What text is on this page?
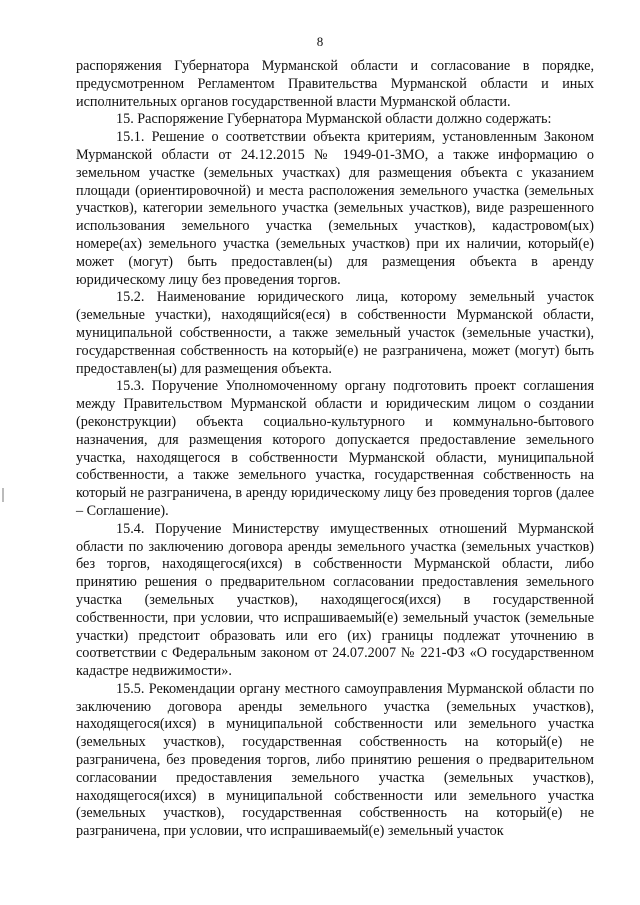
8

распоряжения Губернатора Мурманской области и согласование в порядке, предусмотренном Регламентом Правительства Мурманской области и иных исполнительных органов государственной власти Мурманской области.

15. Распоряжение Губернатора Мурманской области должно содержать:

15.1. Решение о соответствии объекта критериям, установленным Законом Мурманской области от 24.12.2015 № 1949-01-ЗМО, а также информацию о земельном участке (земельных участках) для размещения объекта с указанием площади (ориентировочной) и места расположения земельного участка (земельных участков), категории земельного участка (земельных участков), виде разрешенного использования земельного участка (земельных участков), кадастровом(ых) номере(ах) земельного участка (земельных участков) при их наличии, который(е) может (могут) быть предоставлен(ы) для размещения объекта в аренду юридическому лицу без проведения торгов.

15.2. Наименование юридического лица, которому земельный участок (земельные участки), находящийся(еся) в собственности Мурманской области, муниципальной собственности, а также земельный участок (земельные участки), государственная собственность на который(е) не разграничена, может (могут) быть предоставлен(ы) для размещения объекта.

15.3. Поручение Уполномоченному органу подготовить проект соглашения между Правительством Мурманской области и юридическим лицом о создании (реконструкции) объекта социально-культурного и коммунально-бытового назначения, для размещения которого допускается предоставление земельного участка, находящегося в собственности Мурманской области, муниципальной собственности, а также земельного участка, государственная собственность на который не разграничена, в аренду юридическому лицу без проведения торгов (далее – Соглашение).

15.4. Поручение Министерству имущественных отношений Мурманской области по заключению договора аренды земельного участка (земельных участков) без торгов, находящегося(ихся) в собственности Мурманской области, либо принятию решения о предварительном согласовании предоставления земельного участка (земельных участков), находящегося(ихся) в государственной собственности, при условии, что испрашиваемый(е) земельный участок (земельные участки) предстоит образовать или его (их) границы подлежат уточнению в соответствии с Федеральным законом от 24.07.2007 № 221-ФЗ «О государственном кадастре недвижимости».

15.5. Рекомендации органу местного самоуправления Мурманской области по заключению договора аренды земельного участка (земельных участков), находящегося(ихся) в муниципальной собственности или земельного участка (земельных участков), государственная собственность на который(е) не разграничена, без проведения торгов, либо принятию решения о предварительном согласовании предоставления земельного участка (земельных участков), находящегося(ихся) в муниципальной собственности или земельного участка (земельных участков), государственная собственность на который(е) не разграничена, при условии, что испрашиваемый(е) земельный участок
